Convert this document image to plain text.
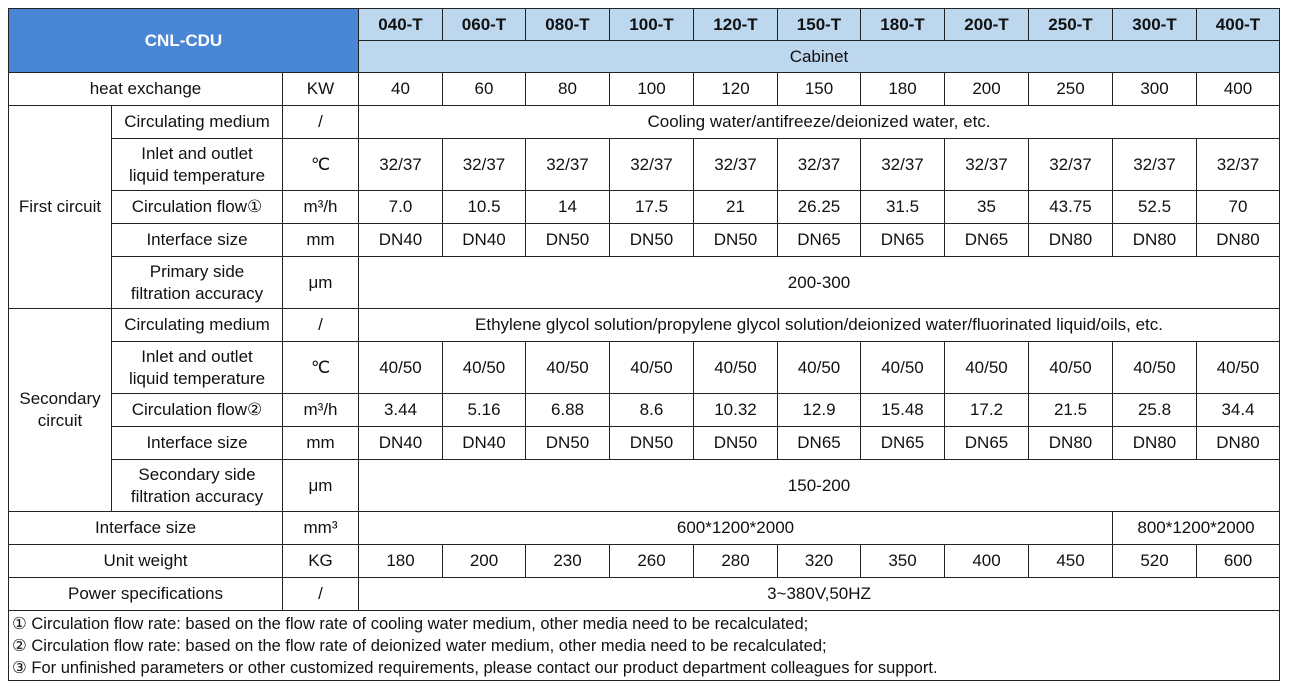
CNL-CDU			040-T	060-T	080-T	100-T	120-T	150-T	180-T	200-T	250-T	300-T	400-T
			Cabinet										
heat exchange		KW	40	60	80	100	120	150	180	200	250	300	400
First circuit	Circulating medium	/	Cooling water/antifreeze/deionized water, etc.										

	Inlet and outlet
liquid temperature	℃	32/37	32/37	32/37	32/37	32/37	32/37	32/37	32/37	32/37	32/37	32/37
	Circulation flow①	m³/h	7.0	10.5	14	17.5	21	26.25	31.5	35	43.75	52.5	70
	Interface size	mm	DN40	DN40	DN50	DN50	DN50	DN65	DN65	DN65	DN80	DN80	DN80

	Primary side
filtration accuracy	μm	200-300										

Secondary
circuit	Circulating medium	/	Ethylene glycol solution/propylene glycol solution/deionized water/fluorinated liquid/oils, etc.										

	Inlet and outlet
liquid temperature	℃	40/50	40/50	40/50	40/50	40/50	40/50	40/50	40/50	40/50	40/50	40/50
	Circulation flow②	m³/h	3.44	5.16	6.88	8.6	10.32	12.9	15.48	17.2	21.5	25.8	34.4
	Interface size	mm	DN40	DN40	DN50	DN50	DN50	DN65	DN65	DN65	DN80	DN80	DN80

	Secondary side
filtration accuracy	μm	150-200										
Interface size		mm³	600*1200*2000									800*1200*2000	
Unit weight		KG	180	200	230	260	280	320	350	400	450	520	600
Power specifications		/	3~380V,50HZ										

① Circulation flow rate: based on the flow rate of cooling water medium, other media need to be recalculated;
② Circulation flow rate: based on the flow rate of deionized water medium, other media need to be recalculated;
③ For unfinished parameters or other customized requirements, please contact our product department colleagues for support.													
